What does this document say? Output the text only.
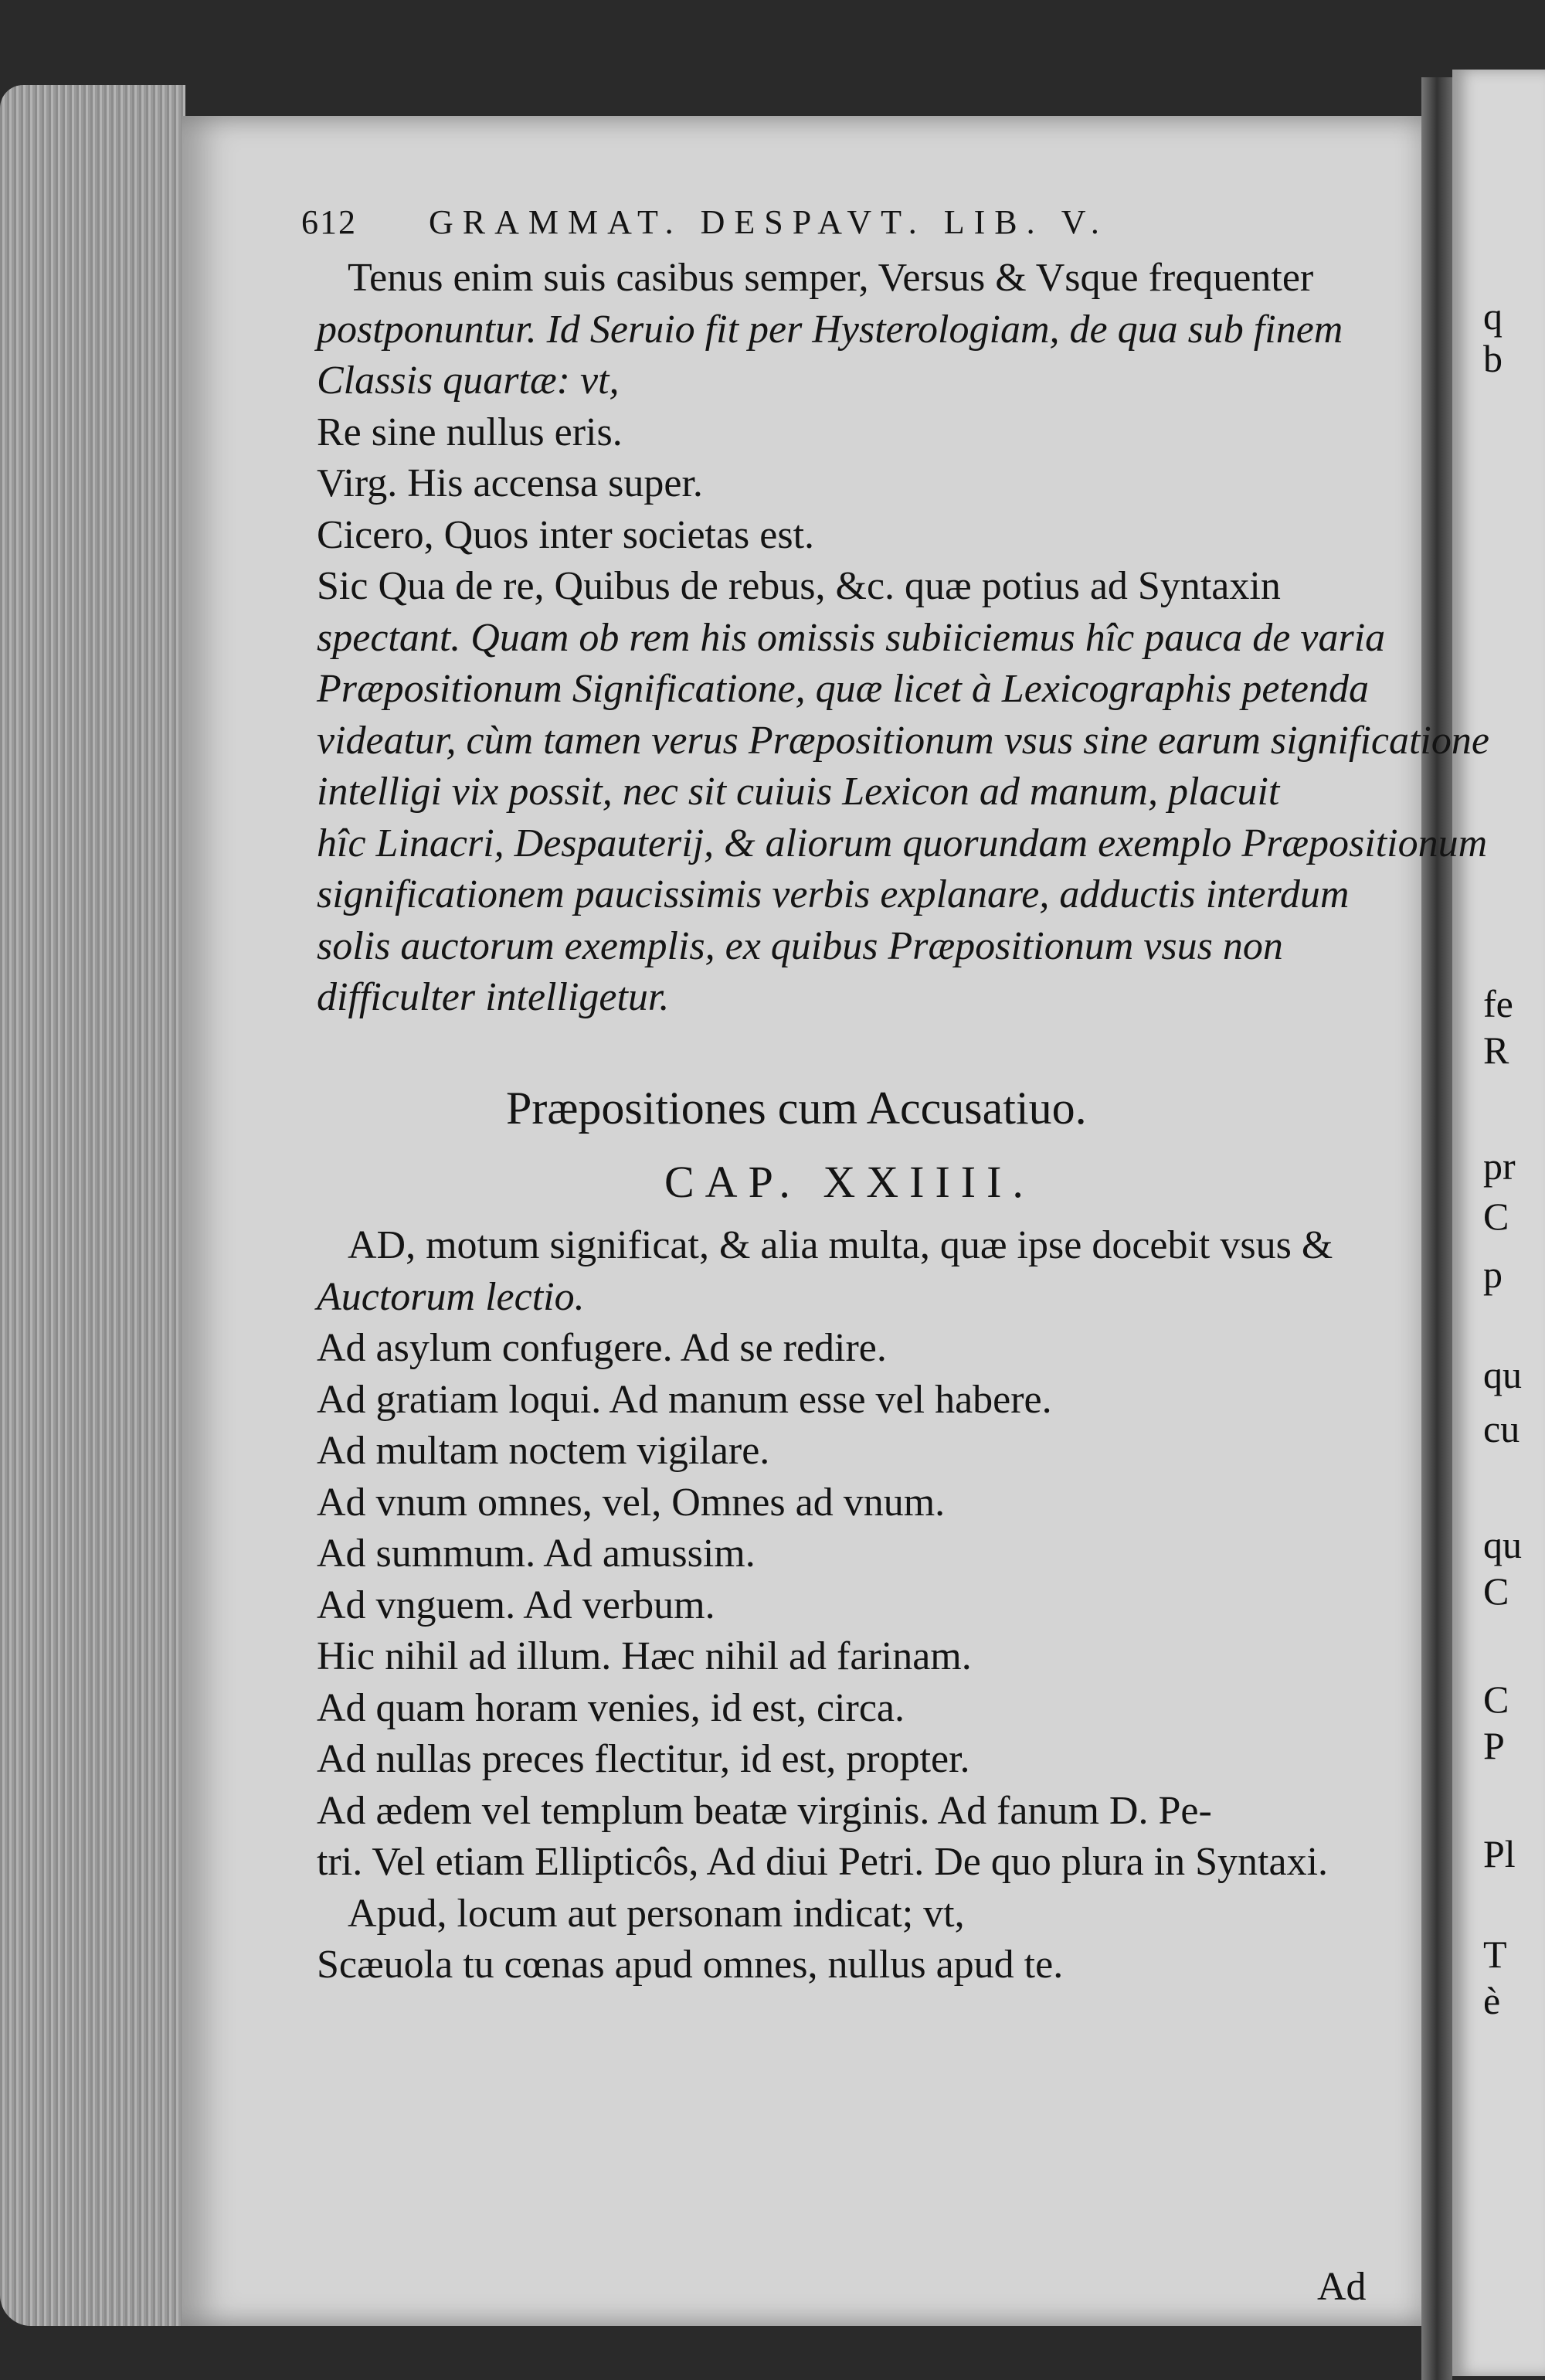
q
b
fe
R
pr
C
p
qu
cu
qu
C
C
P
Pl
T
è
612 GRAMMAT. DESPAVT. LIB. V.
Tenus enim suis casibus semper, Versus & Vsque frequenter
postponuntur. Id Seruio fit per Hysterologiam, de qua sub finem
Classis quartæ: vt,
Re sine nullus eris.
Virg. His accensa super.
Cicero, Quos inter societas est.
Sic Qua de re, Quibus de rebus, &c. quæ potius ad Syntaxin
spectant. Quam ob rem his omissis subiiciemus hîc pauca de varia
Præpositionum Significatione, quæ licet à Lexicographis petenda
videatur, cùm tamen verus Præpositionum vsus sine earum significatione
intelligi vix possit, nec sit cuiuis Lexicon ad manum, placuit
hîc Linacri, Despauterij, & aliorum quorundam exemplo Præpositionum
significationem paucissimis verbis explanare, adductis interdum
solis auctorum exemplis, ex quibus Præpositionum vsus non
difficulter intelligetur.
Præpositiones cum Accusatiuo.
CAP. XXIIII.
AD, motum significat, & alia multa, quæ ipse docebit vsus &
Auctorum lectio.
Ad asylum confugere. Ad se redire.
Ad gratiam loqui. Ad manum esse vel habere.
Ad multam noctem vigilare.
Ad vnum omnes, vel, Omnes ad vnum.
Ad summum. Ad amussim.
Ad vnguem. Ad verbum.
Hic nihil ad illum. Hæc nihil ad farinam.
Ad quam horam venies, id est, circa.
Ad nullas preces flectitur, id est, propter.
Ad ædem vel templum beatæ virginis. Ad fanum D. Pe-
tri. Vel etiam Ellipticôs, Ad diui Petri. De quo plura in Syntaxi.
Apud, locum aut personam indicat; vt,
Scæuola tu cœnas apud omnes, nullus apud te.
Ad
